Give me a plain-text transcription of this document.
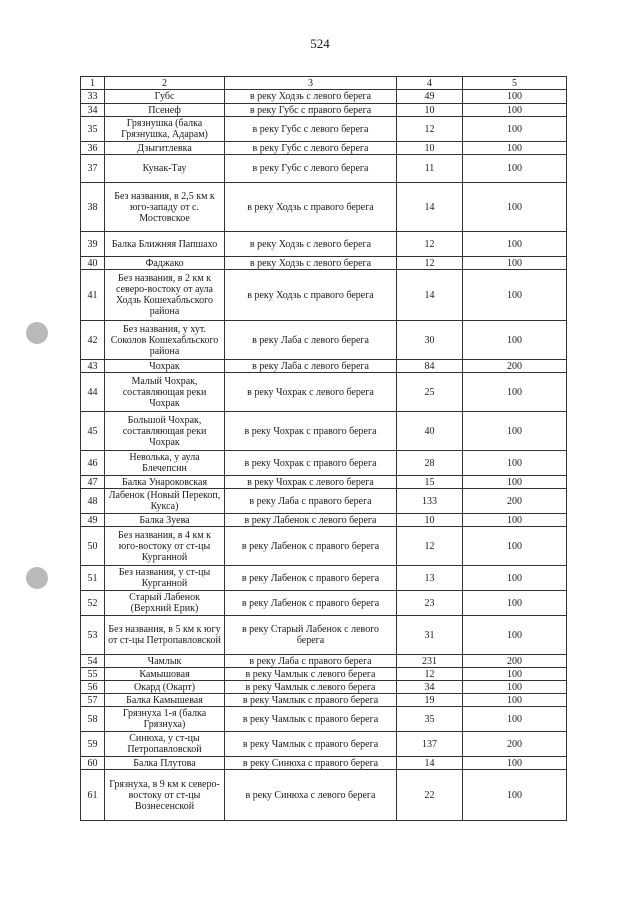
524
1	2	3	4	5
33	Губс	в реку Ходзь с левого берега	49	100
34	Псенеф	в реку Губс с правого берега	10	100
35	Грязнушка (балка Грязнушка, Адарам)	в реку Губс с левого берега	12	100
36	Дзыгитлевка	в реку Губс с левого берега	10	100
37	Кунак-Тау	в реку Губс с левого берега	11	100
38	Без названия, в 2,5 км к юго-западу от с. Мостовское	в реку Ходзь с правого берега	14	100
39	Балка Ближняя Папшахо	в реку Ходзь с левого берега	12	100
40	Фаджако	в реку Ходзь с левого берега	12	100
41	Без названия, в 2 км к северо-востоку от аула Ходзь Кошехабльского района	в реку Ходзь с правого берега	14	100
42	Без названия, у хут. Соколов Кошехабльского района	в реку Лаба с левого берега	30	100
43	Чохрак	в реку Лаба с левого берега	84	200
44	Малый Чохрак, составляющая реки Чохрак	в реку Чохрак с левого берега	25	100
45	Большой Чохрак, составляющая реки Чохрак	в реку Чохрак с правого берега	40	100
46	Неволька, у аула Блечепсин	в реку Чохрак с правого берега	28	100
47	Балка Унароковская	в реку Чохрак с левого берега	15	100
48	Лабенок (Новый Перекоп, Кукса)	в реку Лаба с правого берега	133	200
49	Балка Зуева	в реку Лабенок с левого берега	10	100
50	Без названия, в 4 км к юго-востоку от ст-цы Курганной	в реку Лабенок с правого берега	12	100
51	Без названия, у ст-цы Курганной	в реку Лабенок с правого берега	13	100
52	Старый Лабенок (Верхний Ерик)	в реку Лабенок с правого берега	23	100
53	Без названия, в 5 км к югу от ст-цы Петропавловской	в реку Старый Лабенок с левого берега	31	100
54	Чамлык	в реку Лаба с правого берега	231	200
55	Камышовая	в реку Чамлык с левого берега	12	100
56	Окард (Окарт)	в реку Чамлык с левого берега	34	100
57	Балка Камышевая	в реку Чамлык с правого берега	19	100
58	Грязнуха 1-я (балка Грязнуха)	в реку Чамлык с правого берега	35	100
59	Синюха, у ст-цы Петропавловской	в реку Чамлык с правого берега	137	200
60	Балка Плутова	в реку Синюха с правого берега	14	100
61	Грязнуха, в 9 км к северо-востоку от ст-цы Вознесенской	в реку Синюха с левого берега	22	100
